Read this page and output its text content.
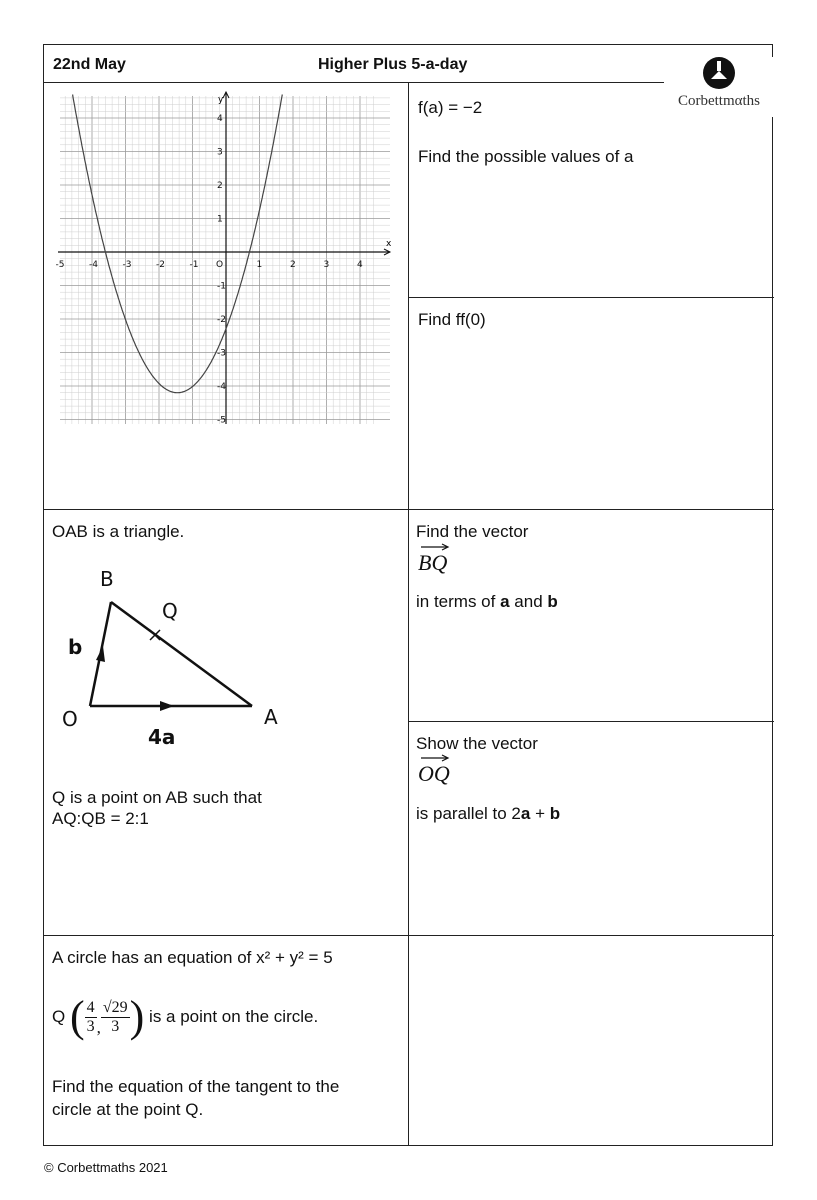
22nd May	Higher Plus 5-a-day
f(a) = −2
Find the possible values of a
Find ff(0)
OAB is a triangle.
Q is a point on AB such that
AQ:QB = 2:1
Find the vector
BQ
in terms of a and b
Show the vector
OQ
is parallel to 2a + b
A circle has an equation of x² + y² = 5
Q ( $\frac{4}{3}$ , $\frac{√29}{3}$ ) is a point on the circle.
Find the equation of the tangent to the
circle at the point Q.
Corbettmαths
-5	-4	-3	-2	-1 O	1	2	3	4
4
3
2
1
-1
-2
-3
-4
-5
x
y
B
Q
b
O	A
4a
© Corbettmaths 2021
